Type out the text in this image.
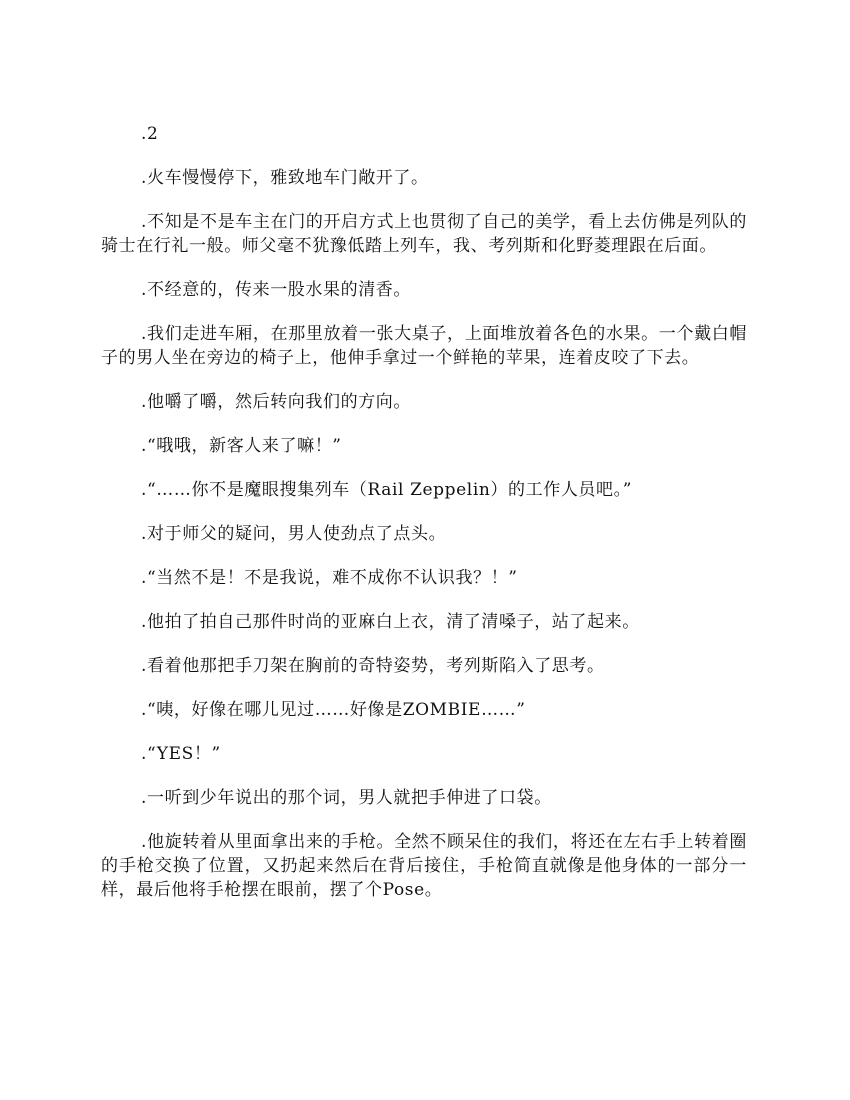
.2

.火车慢慢停下，雅致地车门敞开了。

.不知是不是车主在门的开启方式上也贯彻了自己的美学，看上去仿佛是列队的骑士在行礼一般。师父毫不犹豫低踏上列车，我、考列斯和化野菱理跟在后面。

.不经意的，传来一股水果的清香。

.我们走进车厢，在那里放着一张大桌子，上面堆放着各色的水果。一个戴白帽子的男人坐在旁边的椅子上，他伸手拿过一个鲜艳的苹果，连着皮咬了下去。

.他嚼了嚼，然后转向我们的方向。

.“哦哦，新客人来了嘛！”

.“……你不是魔眼搜集列车（Rail Zeppelin）的工作人员吧。”

.对于师父的疑问，男人使劲点了点头。

.“当然不是！不是我说，难不成你不认识我？！”

.他拍了拍自己那件时尚的亚麻白上衣，清了清嗓子，站了起来。

.看着他那把手刀架在胸前的奇特姿势，考列斯陷入了思考。

.“咦，好像在哪儿见过……好像是ZOMBIE……”

.“YES！”

.一听到少年说出的那个词，男人就把手伸进了口袋。

.他旋转着从里面拿出来的手枪。全然不顾呆住的我们，将还在左右手上转着圈的手枪交换了位置，又扔起来然后在背后接住，手枪简直就像是他身体的一部分一样，最后他将手枪摆在眼前，摆了个Pose。
